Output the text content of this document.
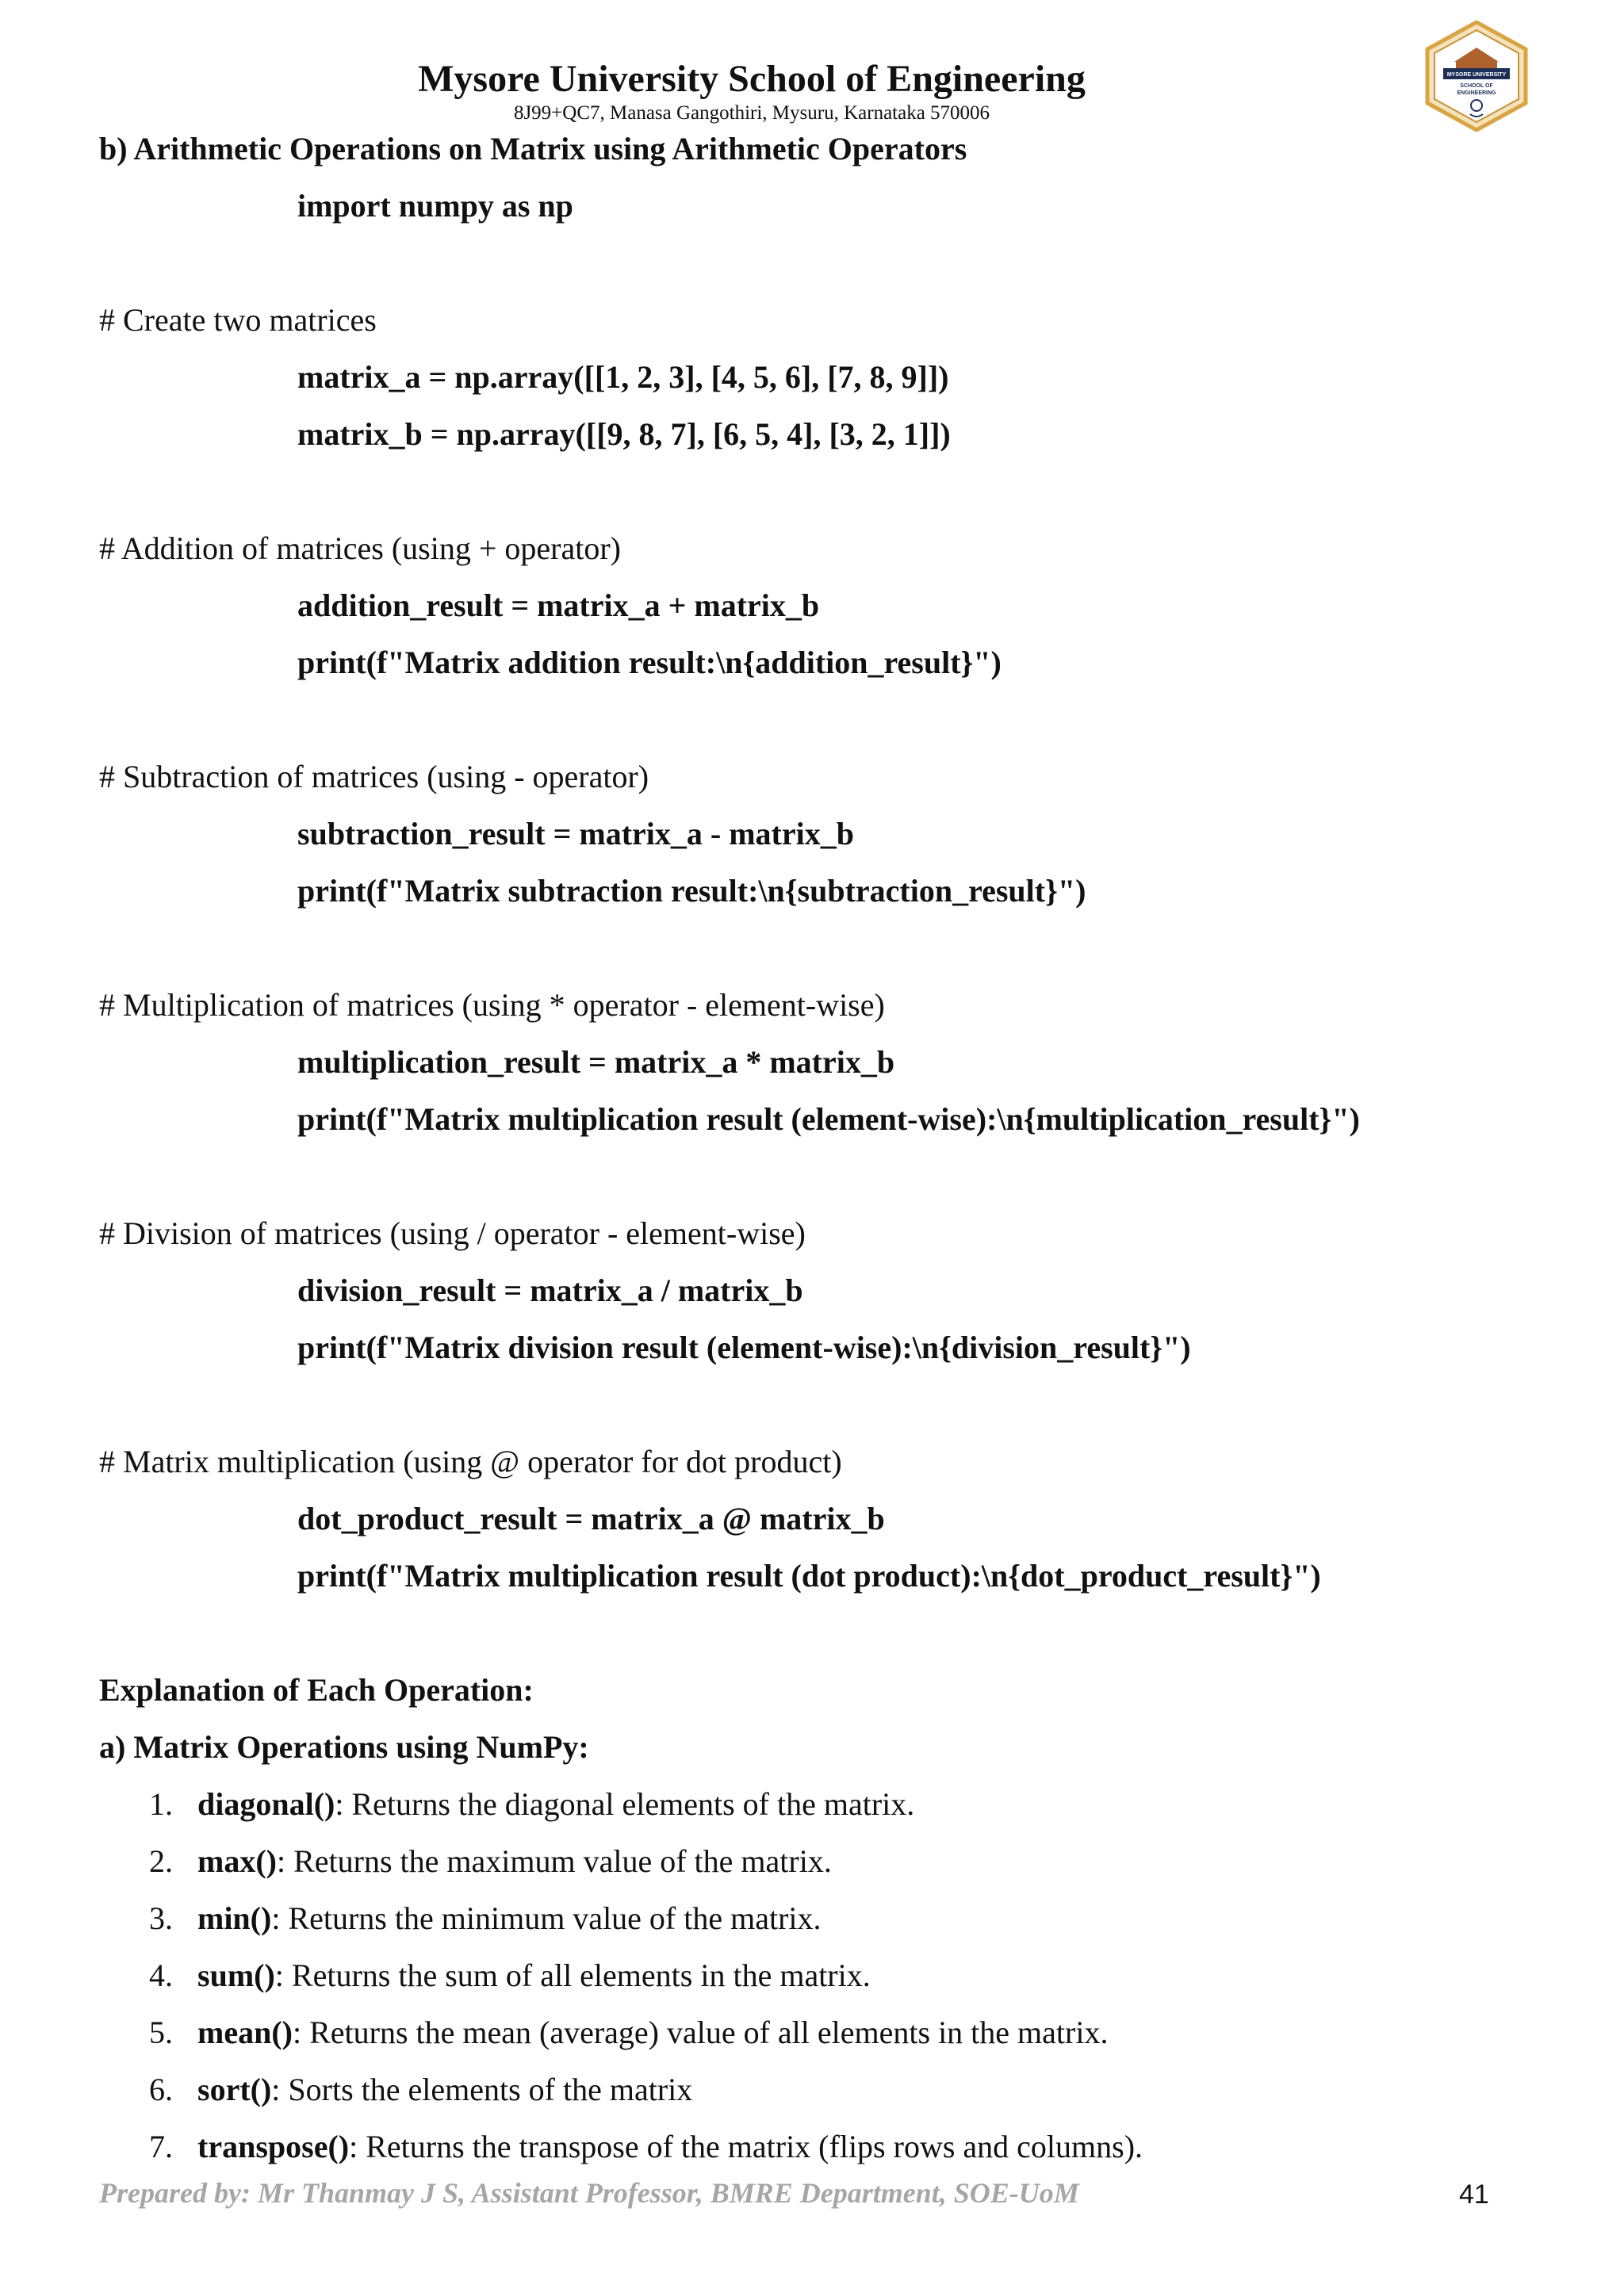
Mysore University School of Engineering
8J99+QC7, Manasa Gangothiri, Mysuru, Karnataka 570006
MYSORE UNIVERSITY
SCHOOL OF
ENGINEERING
b) Arithmetic Operations on Matrix using Arithmetic Operators
import numpy as np
# Create two matrices
matrix_a = np.array([[1, 2, 3], [4, 5, 6], [7, 8, 9]])
matrix_b = np.array([[9, 8, 7], [6, 5, 4], [3, 2, 1]])
# Addition of matrices (using + operator)
addition_result = matrix_a + matrix_b
print(f"Matrix addition result:\n{addition_result}")
# Subtraction of matrices (using - operator)
subtraction_result = matrix_a - matrix_b
print(f"Matrix subtraction result:\n{subtraction_result}")
# Multiplication of matrices (using * operator - element-wise)
multiplication_result = matrix_a * matrix_b
print(f"Matrix multiplication result (element-wise):\n{multiplication_result}")
# Division of matrices (using / operator - element-wise)
division_result = matrix_a / matrix_b
print(f"Matrix division result (element-wise):\n{division_result}")
# Matrix multiplication (using @ operator for dot product)
dot_product_result = matrix_a @ matrix_b
print(f"Matrix multiplication result (dot product):\n{dot_product_result}")
Explanation of Each Operation:
a) Matrix Operations using NumPy:
1. diagonal(): Returns the diagonal elements of the matrix.
2. max(): Returns the maximum value of the matrix.
3. min(): Returns the minimum value of the matrix.
4. sum(): Returns the sum of all elements in the matrix.
5. mean(): Returns the mean (average) value of all elements in the matrix.
6. sort(): Sorts the elements of the matrix
7. transpose(): Returns the transpose of the matrix (flips rows and columns).
Prepared by: Mr Thanmay J S, Assistant Professor, BMRE Department, SOE-UoM	41
